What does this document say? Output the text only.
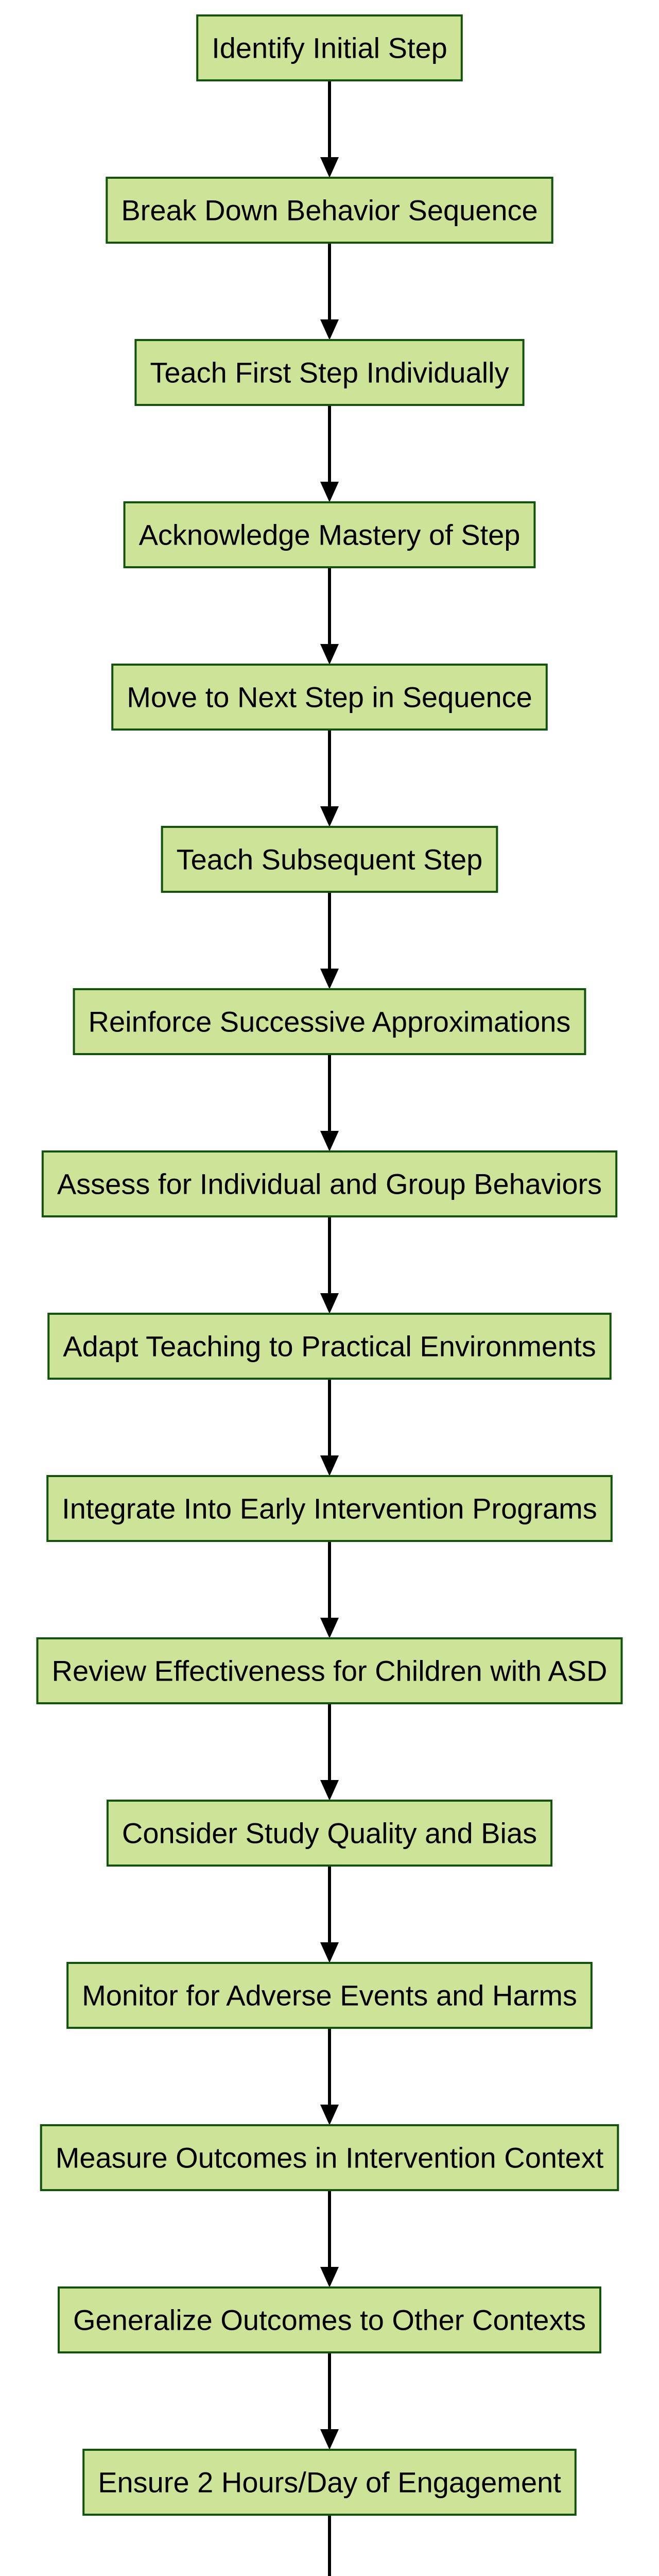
Identify Initial Step
Break Down Behavior Sequence
Teach First Step Individually
Acknowledge Mastery of Step
Move to Next Step in Sequence
Teach Subsequent Step
Reinforce Successive Approximations
Assess for Individual and Group Behaviors
Adapt Teaching to Practical Environments
Integrate Into Early Intervention Programs
Review Effectiveness for Children with ASD
Consider Study Quality and Bias
Monitor for Adverse Events and Harms
Measure Outcomes in Intervention Context
Generalize Outcomes to Other Contexts
Ensure 2 Hours/Day of Engagement
